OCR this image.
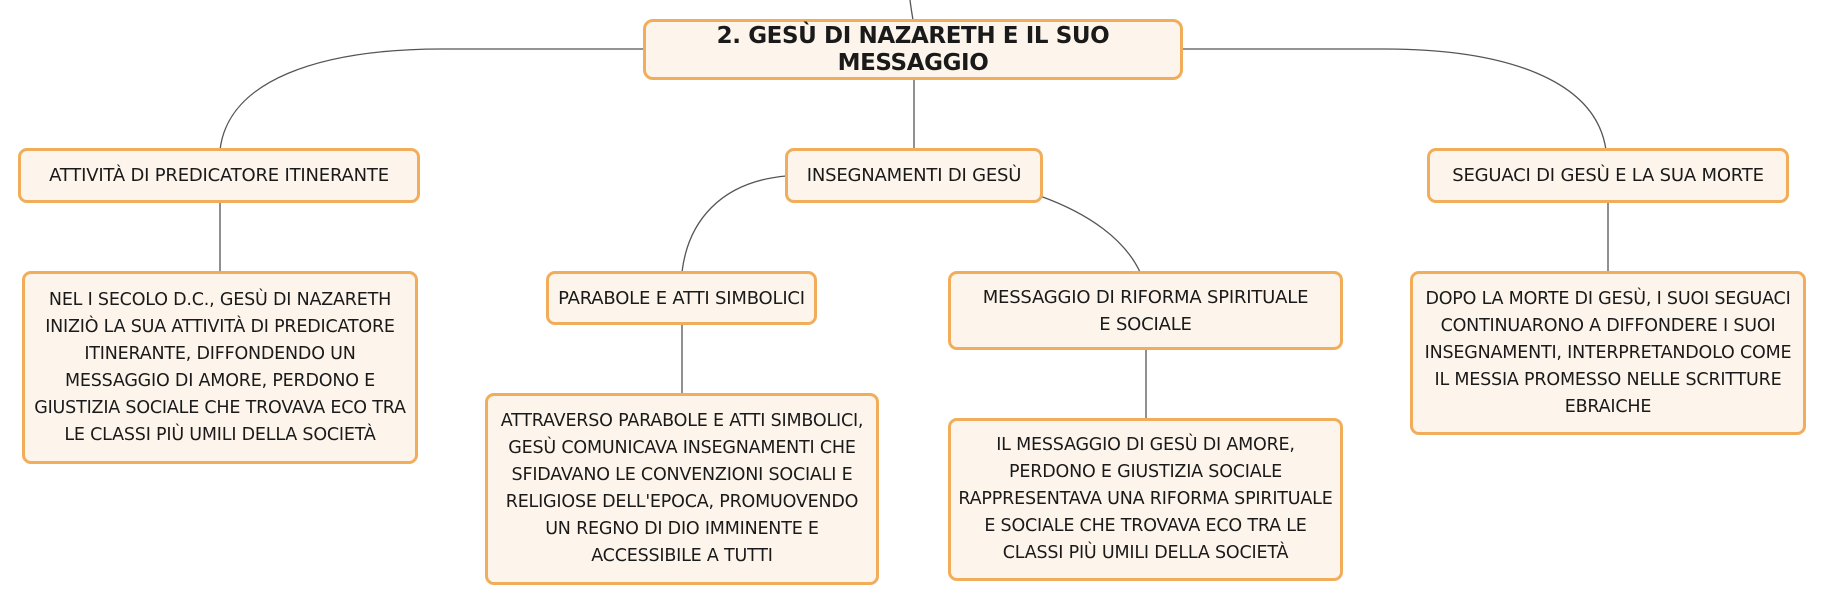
2. GESÙ DI NAZARETH E IL SUO MESSAGGIO
ATTIVITÀ DI PREDICATORE ITINERANTE	INSEGNAMENTI DI GESÙ	SEGUACI DI GESÙ E LA SUA MORTE
PARABOLE E ATTI SIMBOLICI	MESSAGGIO DI RIFORMA SPIRITUALE E SOCIALE
NEL I SECOLO D.C., GESÙ DI NAZARETH INIZIÒ LA SUA ATTIVITÀ DI PREDICATORE ITINERANTE, DIFFONDENDO UN MESSAGGIO DI AMORE, PERDONO E GIUSTIZIA SOCIALE CHE TROVAVA ECO TRA LE CLASSI PIÙ UMILI DELLA SOCIETÀ
ATTRAVERSO PARABOLE E ATTI SIMBOLICI, GESÙ COMUNICAVA INSEGNAMENTI CHE SFIDAVANO LE CONVENZIONI SOCIALI E RELIGIOSE DELL'EPOCA, PROMUOVENDO UN REGNO DI DIO IMMINENTE E ACCESSIBILE A TUTTI
IL MESSAGGIO DI GESÙ DI AMORE, PERDONO E GIUSTIZIA SOCIALE RAPPRESENTAVA UNA RIFORMA SPIRITUALE E SOCIALE CHE TROVAVA ECO TRA LE CLASSI PIÙ UMILI DELLA SOCIETÀ
DOPO LA MORTE DI GESÙ, I SUOI SEGUACI CONTINUARONO A DIFFONDERE I SUOI INSEGNAMENTI, INTERPRETANDOLO COME IL MESSIA PROMESSO NELLE SCRITTURE EBRAICHE
